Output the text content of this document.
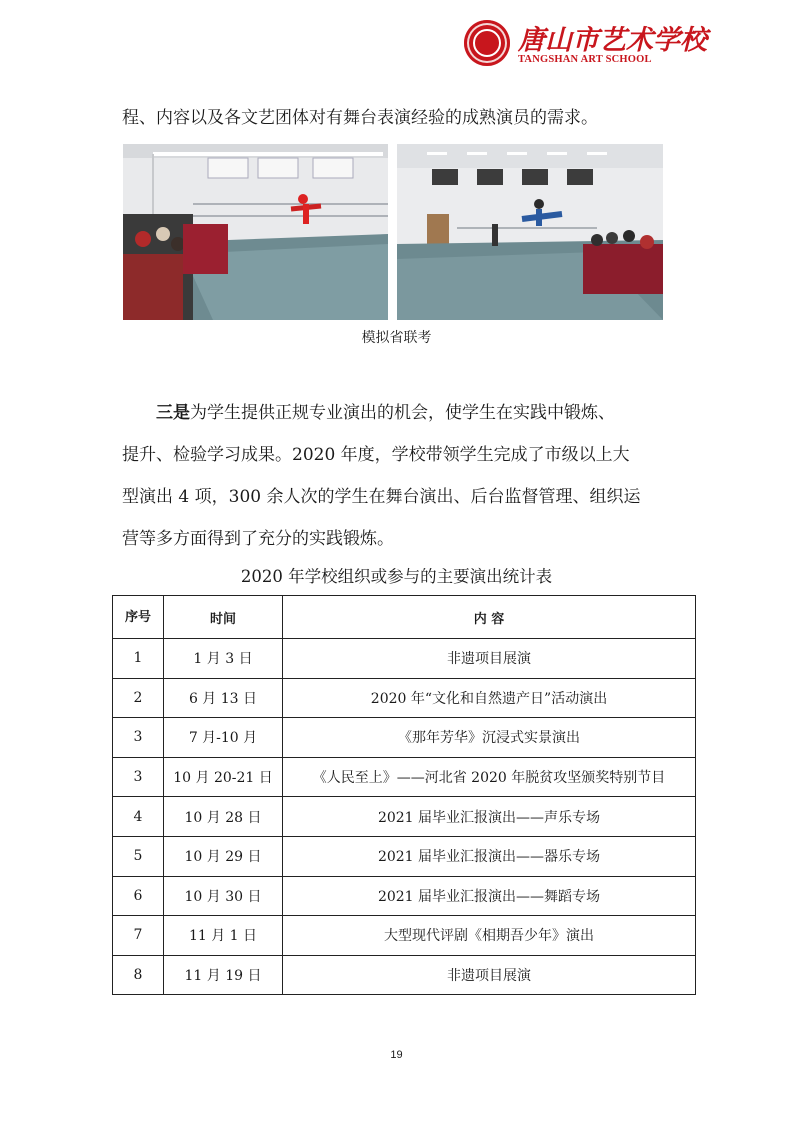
唐山市艺术学校
TANGSHAN ART SCHOOL
程、内容以及各文艺团体对有舞台表演经验的成熟演员的需求。
模拟省联考
三是为学生提供正规专业演出的机会，使学生在实践中锻炼、
提升、检验学习成果。2020 年度，学校带领学生完成了市级以上大
型演出 4 项，300 余人次的学生在舞台演出、后台监督管理、组织运
营等多方面得到了充分的实践锻炼。
2020 年学校组织或参与的主要演出统计表
序号	时间	内 容
1	1 月 3 日	非遗项目展演
2	6 月 13 日	2020 年“文化和自然遗产日”活动演出
3	7 月-10 月	《那年芳华》沉浸式实景演出
3	10 月 20-21 日	《人民至上》——河北省 2020 年脱贫攻坚颁奖特别节目
4	10 月 28 日	2021 届毕业汇报演出——声乐专场
5	10 月 29 日	2021 届毕业汇报演出——器乐专场
6	10 月 30 日	2021 届毕业汇报演出——舞蹈专场
7	11 月 1 日	大型现代评剧《相期吾少年》演出
8	11 月 19 日	非遗项目展演
19
